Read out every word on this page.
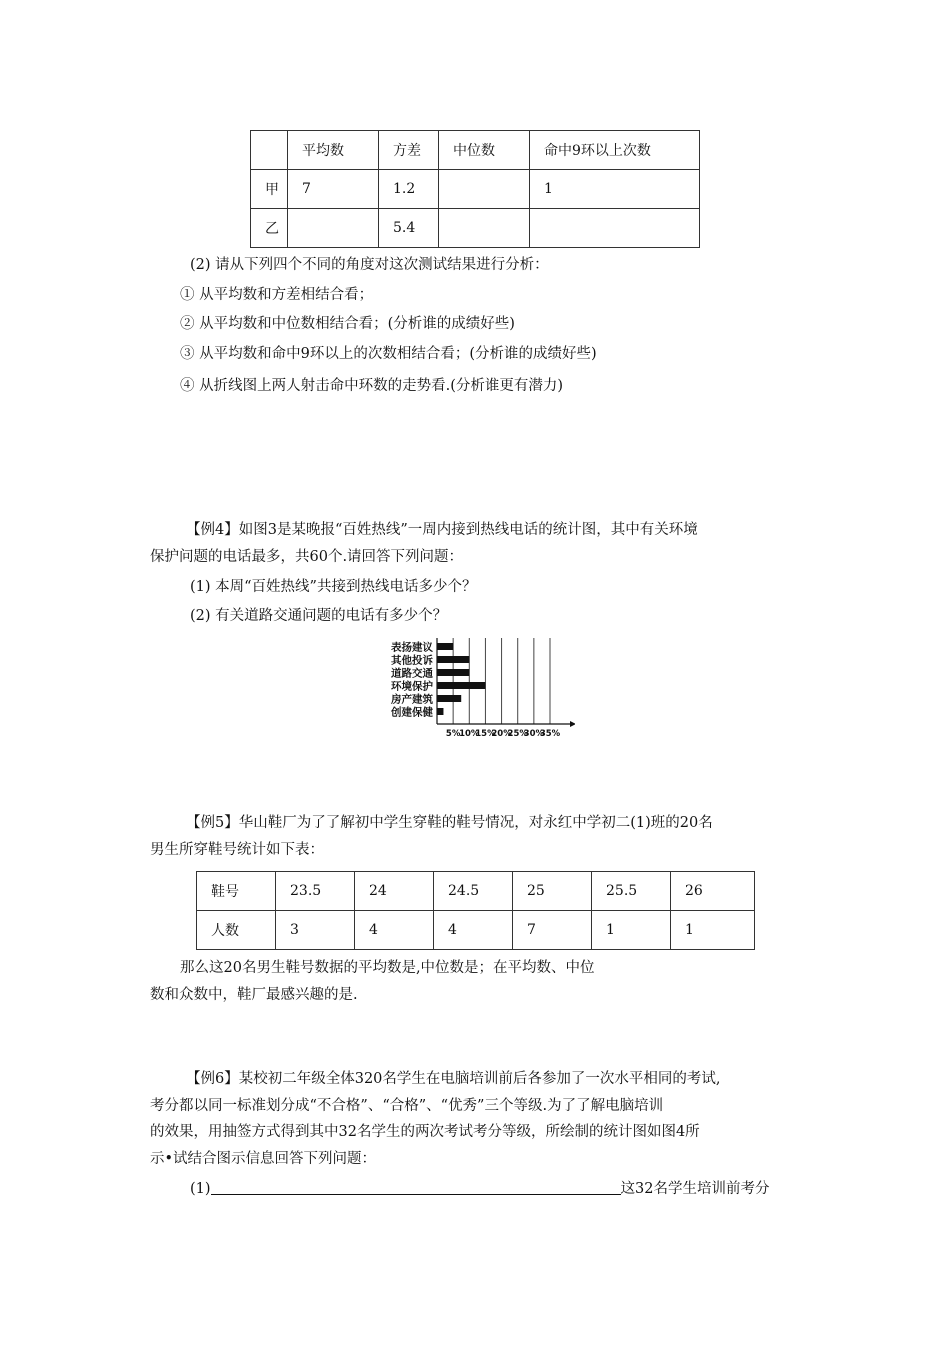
	平均数	方差	中位数	命中9环以上次数
甲	7	1.2		1
乙		5.4		
(2) 请从下列四个不同的角度对这次测试结果进行分析：
① 从平均数和方差相结合看；
② 从平均数和中位数相结合看；(分析谁的成绩好些)
③ 从平均数和命中9环以上的次数相结合看；(分析谁的成绩好些)
④ 从折线图上两人射击命中环数的走势看.(分析谁更有潜力)
【例4】如图3是某晚报“百姓热线”一周内接到热线电话的统计图，其中有关环境
保护问题的电话最多，共60个.请回答下列问题：
(1) 本周“百姓热线”共接到热线电话多少个？
(2) 有关道路交通问题的电话有多少个？
表扬建议
其他投诉
道路交通
环境保护
房产建筑
创建保健
5%
10%
15%
20%
25%
30%
35%
【例5】华山鞋厂为了了解初中学生穿鞋的鞋号情况，对永红中学初二(1)班的20名
男生所穿鞋号统计如下表：
鞋号	23.5	24	24.5	25	25.5	26
人数	3	4	4	7	1	1
那么这20名男生鞋号数据的平均数是,中位数是；在平均数、中位
数和众数中，鞋厂最感兴趣的是.
【例6】某校初二年级全体320名学生在电脑培训前后各参加了一次水平相同的考试,
考分都以同一标准划分成“不合格”、“合格”、“优秀”三个等级.为了了解电脑培训
的效果，用抽签方式得到其中32名学生的两次考试考分等级，所绘制的统计图如图4所
示•试结合图示信息回答下列问题：
(1)	这32名学生培训前考分
